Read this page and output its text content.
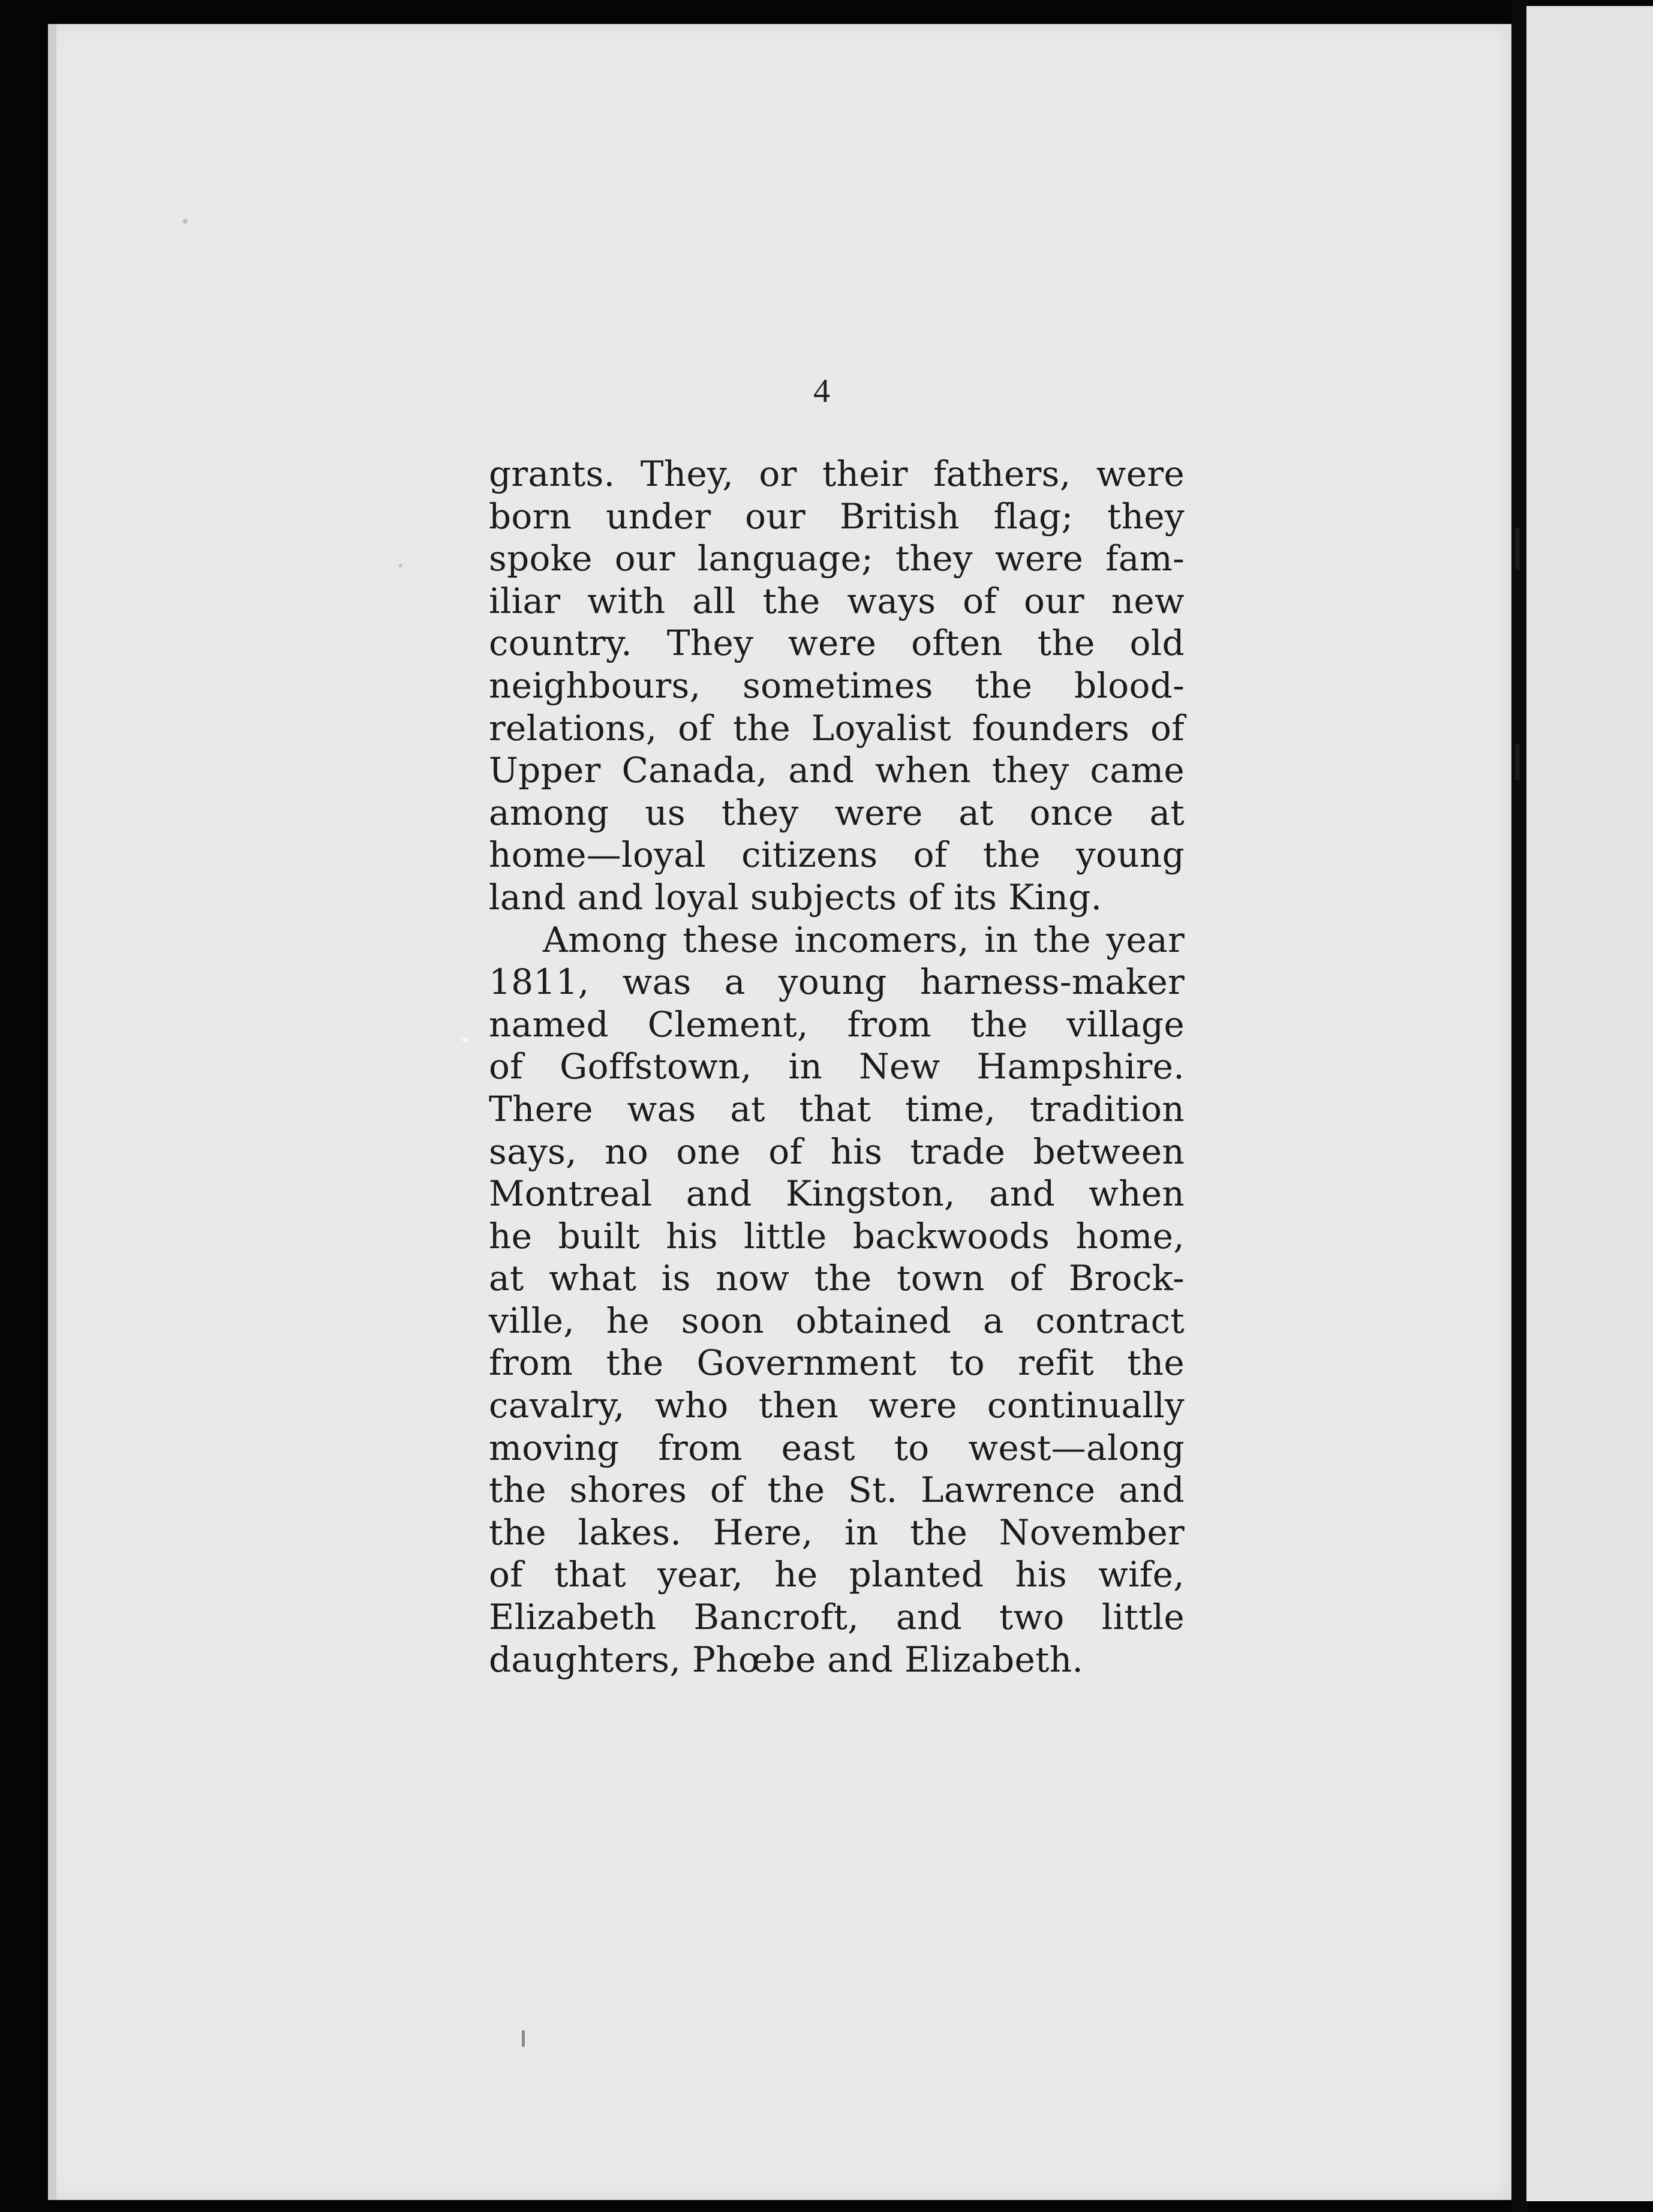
4
grants. They, or their fathers, were
born under our British flag; they
spoke our language; they were fam-
iliar with all the ways of our new
country. They were often the old
neighbours, sometimes the blood-
relations, of the Loyalist founders of
Upper Canada, and when they came
among us they were at once at
home—loyal citizens of the young
land and loyal subjects of its King.
Among these incomers, in the year
1811, was a young harness-maker
named Clement, from the village
of Goffstown, in New Hampshire.
There was at that time, tradition
says, no one of his trade between
Montreal and Kingston, and when
he built his little backwoods home,
at what is now the town of Brock-
ville, he soon obtained a contract
from the Government to refit the
cavalry, who then were continually
moving from east to west—along
the shores of the St. Lawrence and
the lakes. Here, in the November
of that year, he planted his wife,
Elizabeth Bancroft, and two little
daughters, Phœbe and Elizabeth.
